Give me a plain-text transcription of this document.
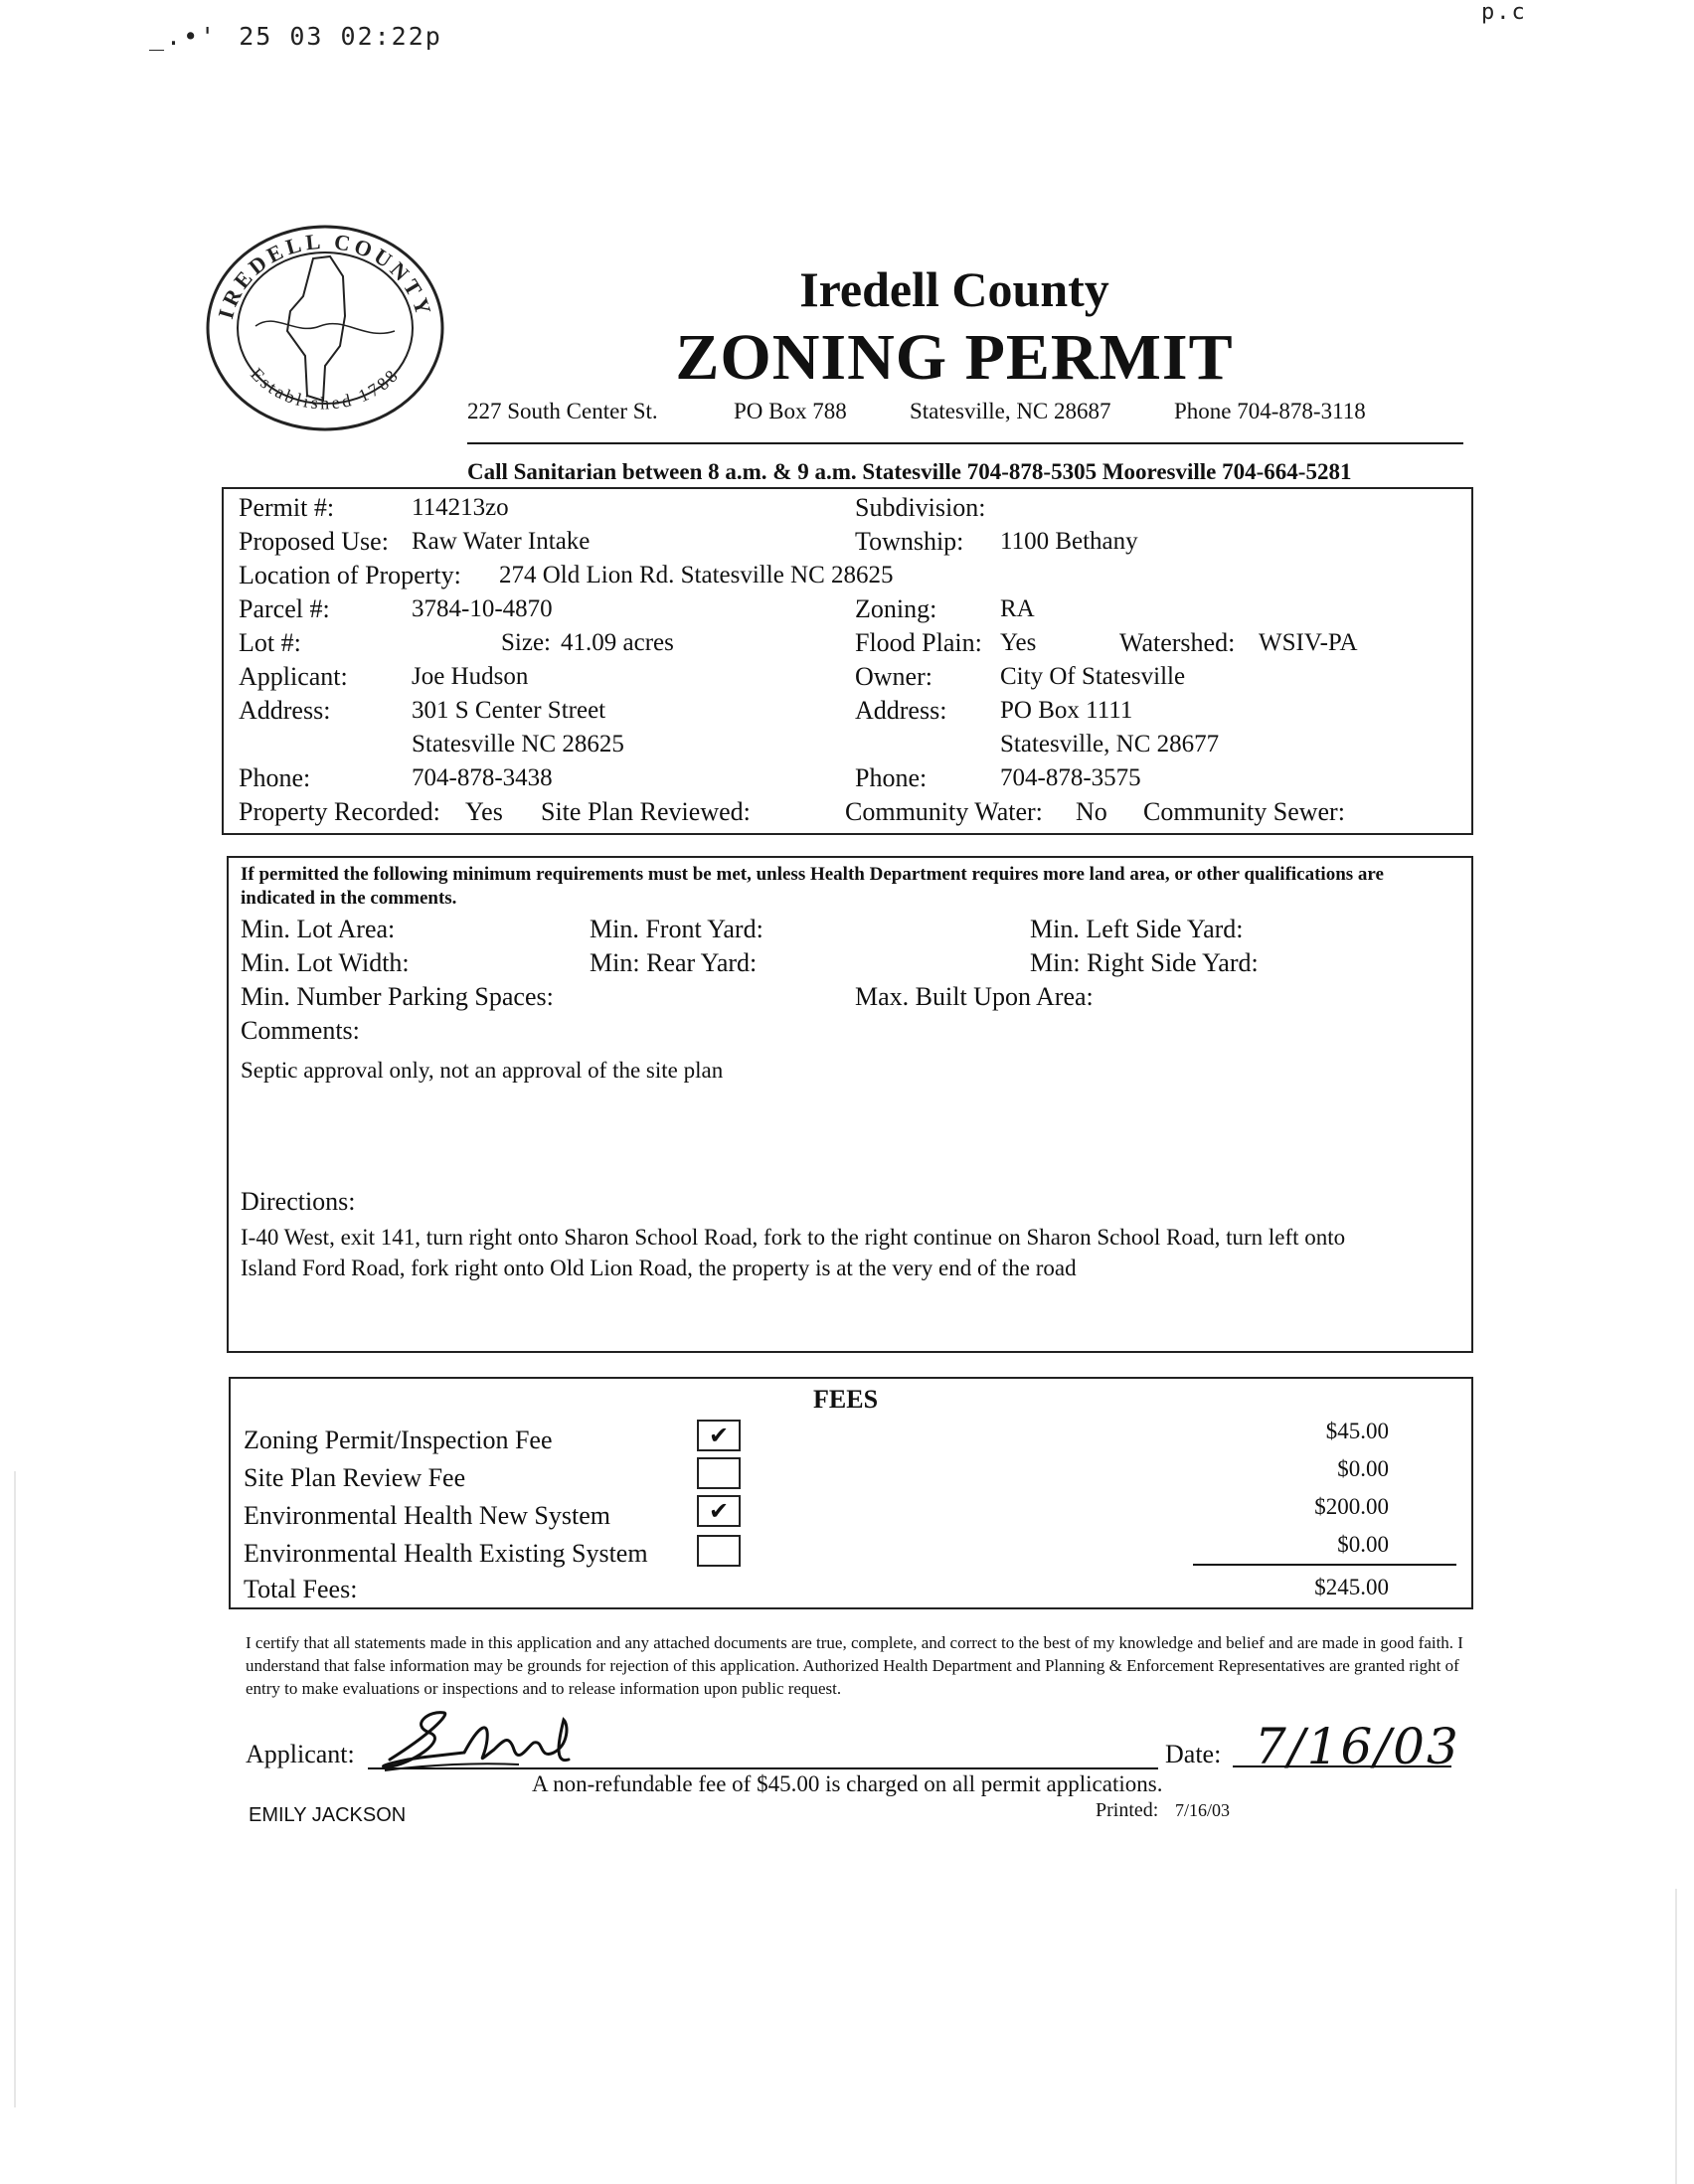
_.•' 25 03 02:22p
p.c
IREDELL COUNTY
Established 1788
Iredell County
ZONING PERMIT
227 South Center St.	PO Box 788	Statesville, NC 28687	Phone 704-878-3118
Call Sanitarian between 8 a.m. & 9 a.m. Statesville 704-878-5305 Mooresville 704-664-5281
Permit #:	114213zo	Subdivision:
Proposed Use: Raw Water Intake	Township: 1100 Bethany
Location of Property: 274 Old Lion Rd. Statesville NC 28625
Parcel #:	3784-10-4870	Zoning:	RA
Lot #:	Size: 41.09 acres	Flood Plain: Yes	Watershed: WSIV-PA
Applicant:	Joe Hudson	Owner:	City Of Statesville
Address:	301 S Center Street	Address: PO Box 1111
Statesville NC 28625	Statesville, NC 28677
Phone:	704-878-3438	Phone:	704-878-3575
Property Recorded: Yes Site Plan Reviewed:	Community Water: No Community Sewer:
If permitted the following minimum requirements must be met, unless Health Department requires more land area, or other qualifications are indicated in the comments.
Min. Lot Area:	Min. Front Yard:	Min. Left Side Yard:
Min. Lot Width:	Min: Rear Yard:	Min: Right Side Yard:
Min. Number Parking Spaces:	Max. Built Upon Area:
Comments:
Septic approval only, not an approval of the site plan
Directions:
I-40 West, exit 141, turn right onto Sharon School Road, fork to the right continue on Sharon School Road, turn left onto
Island Ford Road, fork right onto Old Lion Road, the property is at the very end of the road
FEES
Zoning Permit/Inspection Fee	✔	$45.00
Site Plan Review Fee	$0.00
Environmental Health New System	✔	$200.00
Environmental Health Existing System	$0.00
Total Fees:	$245.00
I certify that all statements made in this application and any attached documents are true, complete, and correct to the best of my knowledge and belief and are made in good faith. I understand that false information may be grounds for rejection of this application. Authorized Health Department and Planning & Enforcement Representatives are granted right of entry to make evaluations or inspections and to release information upon public request.
Applicant:	Date: 7/16/03
A non-refundable fee of $45.00 is charged on all permit applications.
EMILY JACKSON	Printed: 7/16/03
